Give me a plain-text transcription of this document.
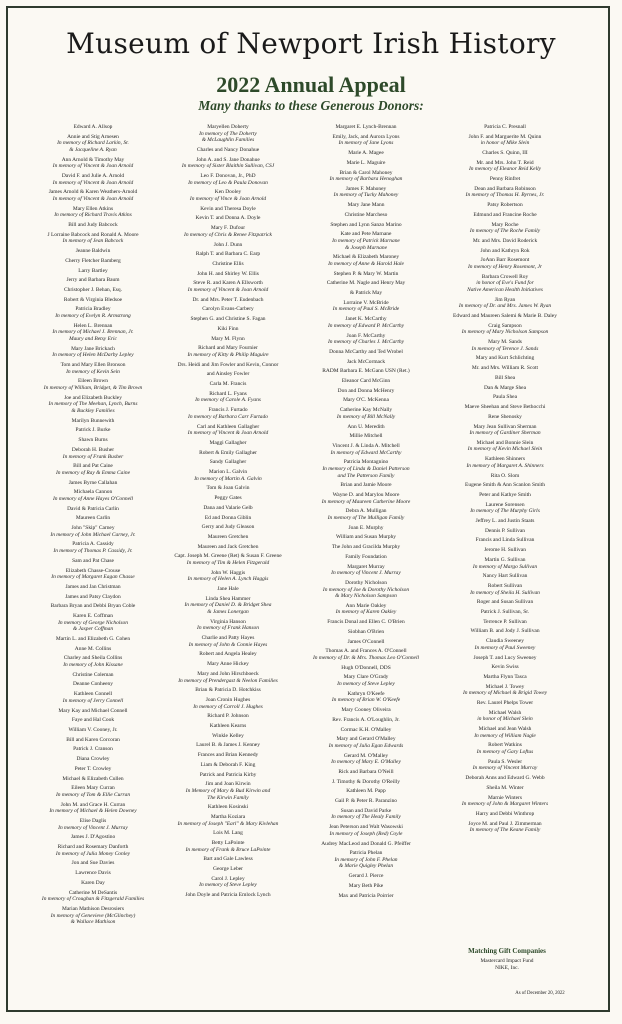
Museum of Newport Irish History
2022 Annual Appeal
Many thanks to these Generous Donors:
Edward A. Allsop
Annie and Stig Arnesen
In memory of Richard Larkin, Sr.
& Jacqueline A. Ryan
Ann Arnold & Timothy May
In memory of Vincent & Joan Arnold
David F. and Julie A. Arnold
In memory of Vincent & Joan Arnold
James Arnold & Karen Weathers-Arnold
In memory of Vincent & Joan Arnold
Mary Ellen Atkins
In memory of Richard Travis Atkins
Bill and Judy Babcock
J Lorraine Babcock and Ronald A. Moore
In memory of Jean Babcock
Jeanne Baldwin
Cherry Fletcher Bamberg
Larry Bartley
Jerry and Barbara Baum
Christopher J. Behan, Esq.
Robert & Virginia Bledsoe
Patricia Bradley
In memory of Evelyn R. Armstrong
Helen L. Brennan
In memory of Michael J. Brennan, Jr.
Maury and Betsy Eric
Mary Jane Brickach
In memory of Helen McDarby Lepley
Tom and Mary Ellen Bronson
In memory of Kevin Sein
Eileen Brown
In memory of William, Bridget, & Tim Brown
Joe and Elizabeth Buckley
In memory of The Meehan, Lynch, Burns
& Buckley Families
Marilyn Bunnewith
Patrick J. Burke
Shawn Burns
Deborah H. Busher
In memory of Frank Busher
Bill and Pat Caine
In memory of Ray & Emma Caine
James Byrne Callahan
Michaela Cannon
In memory of Anne Hayes O'Connell
David & Patricia Carlin
Maureen Carlin
John "Skip" Carney
In memory of John Michael Carney, Jr.
Patricia A. Cassidy
In memory of Thomas P. Cassidy, Jr.
Sam and Pat Chase
Elizabeth Chasse-Crouse
In memory of Margaret Eagan Chasse
James and Jan Christman
James and Patsy Claydon
Barbara Bryan and Debbi Bryan Coble
Karen E. Coffman
In memory of George Nicholson
& Jasper Coffman
Martin L. and Elizabeth G. Cohen
Anne M. Collins
Charley and Sheila Collins
In memory of John Kissane
Christine Coleman
Deanne Conheeny
Kathleen Connell
In memory of Jerry Connell
Mary Kay and Michael Connell
Faye and Hal Cook
William V. Cooney, Jr.
Bill and Karen Corcoran
Patrick J. Cranson
Diana Crowley
Peter T. Crowley
Michael & Elizabeth Cullen
Eileen Mary Curran
In memory of Tom & Ellie Curran
John M. and Grace H. Curran
In memory of Michael & Helen Downey
Elise Daglis
In memory of Vincent J. Murray
James J. D'Agostino
Richard and Rosemary Danforth
In memory of Julia Money Conley
Jon and Sue Davies
Lawrence Davis
Karen Day
Catherine M DeSantis
In memory of Croughan & Fitzgerald Families
Marian Mathison Desrosiers
In memory of Genevieve (McGlinchey)
& Wallace Mathison
Maryellen Doherty
In memory of The Doherty
& McLaughlin Families
Charles and Nancy Donahue
John A. and S. Jane Donahue
In memory of Sister Blaithin Sullivan, CSJ
Leo F. Donovan, Jr., PhD
In memory of Leo & Paula Donovan
Ken Dooley
In memory of Vince & Joan Arnold
Kevin and Theresa Doyle
Kevin T. and Donna A. Doyle
Mary F. Dufour
In memory of Chris & Renee Fitzpatrick
John J. Dunn
Ralph T. and Barbara C. Earp
Christine Ellis
John H. and Shirley W. Ellis
Steve R. and Karen A Ellsworth
In memory of Vincent & Joan Arnold
Dr. and Mrs. Peter T. Eudenbach
Carolyn Evans-Carbery
Stephen G. and Christine S. Fagan
Kiki Finn
Mary M. Flynn
Richard and Mary Fournier
In memory of Kitty & Philip Maguire
Drs. Heidi and Jim Fowler and Kevin, Connor
and Ainsley Fowler
Carla M. Francis
Richard L. Fyans
In memory of Carole A. Fyans
Francis J. Furtado
In memory of Barbara Carr Furtado
Carl and Kathleen Gallagher
In memory of Vincent & Joan Arnold
Maggi Gallagher
Robert & Emily Gallagher
Sandy Gallagher
Marion L. Galvin
In memory of Martin A. Galvin
Tom & Joan Galvin
Peggy Gates
Dana and Valarie Gelb
Ed and Donna Giblin
Gerry and Judy Gleason
Maureen Gretchen
Maureen and Jack Gretchen
Capt. Joseph M. Greene (Ret) & Susan F. Greene
In memory of Tim & Helen Fitzgerald
John W. Haggis
In memory of Helen A. Lynch Haggis
Jane Hale
Linda Shea Hammer
In memory of Daniel D. & Bridget Shea
& James Lonergan
Virginia Hanson
In memory of Frank Hanson
Charlie and Patty Hayes
In memory of John & Connie Hayes
Robert and Angela Healey
Mary Anne Hickey
Mary and John Hirschboeck
In memory of Prendergast & Neelon Families
Brian & Patricia D. Hotchkiss
Joan Cronin Hughes
In memory of Carroll J. Hughes
Richard P. Johnson
Kathleen Kearns
Winkle Kelley
Laurel B. & James J. Kenney
Frances and Brian Kennedy
Liam & Deborah F. King
Patrick and Patricia Kirby
Jim and Joan Kirwin
In Memory of Mary & Bud Kirwin and
The Kirwin Family
Kathleen Kosinski
Martha Koziara
In memory of Joseph "Earl" & Mary Kivlehan
Lois M. Lang
Betty LaPointe
In memory of Frank & Bruce LaPointe
Bart and Gale Lawless
George Leber
Carol J. Lepley
In memory of Steve Lepley
John Doyle and Patricia Emlock Lynch
Margaret E. Lynch-Brennan
Emily, Jack, and Aurora Lyons
In memory of Jane Lyons
Marie A. Magee
Marie L. Maguire
Brian & Carol Mahoney
In memory of Barbara Henoghan
James F. Mahoney
In memory of Tucky Mahoney
Mary Jane Mann
Christine Marcheso
Stephen and Lynn Sanzo Marino
Kate and Pete Marnane
In memory of Patrick Marnane
& Joseph Marnane
Michael & Elizabeth Maroney
In memory of Anne & Harold Hale
Stephen P. & Mary W. Martin
Catherine M. Nagle and Henry May
& Patrick May
Lorraine V. McBride
In memory of Paul S. McBride
Janet K. McCarthy
In memory of Edward P. McCarthy
Joan F. McCarthy
In memory of Charles J. McCarthy
Donna McCarthy and Ted Wrobel
Jack McCormack
RADM Barbara E. McGann USN (Ret.)
Eleanor Card McGinn
Don and Donna McHenry
Mary O'C. McKenna
Catherine Kay McNally
In memory of Bill McNally
Ann U. Meredith
Millie Mitchell
Vincent J. & Linda A. Mitchell
In memory of Edward McCarthy
Patricia Montagnino
In memory of Linda & Daniel Patterson
and The Patterson Family
Brian and Jamie Moore
Wayne D. and Marylou Moore
In memory of Maureen Catherine Moore
Debra A. Mulligan
In memory of The Mulligan Family
Joan E. Murphy
William and Susan Murphy
The John and Gracilda Murphy
Family Foundation
Margaret Murray
In memory of Vincent J. Murray
Dorothy Nicholson
In memory of Joe & Dorothy Nicholson
& Mary Nicholson Sampson
Ann Marie Oakley
In memory of Karen Oakley
Francis Donal and Ellen C. O'Brien
Siobhan O'Brien
James O'Connell
Thomas A. and Frances A. O'Connell
In memory of Dr. & Mrs. Thomas Leo O'Connell
Hugh O'Donnell, DDS
Mary Clare O'Grady
In memory of Steve Lepley
Kathryn O'Keefe
In memory of Brian W. O'Keefe
Mary Cooney Oliveira
Rev. Francis A. O'Loughlin, Jr.
Cormac K.H. O'Malley
Mary and Gerard O'Malley
In memory of Julia Egan Edwards
Gerard M. O'Malley
In memory of Mary E. O'Malley
Rick and Barbara O'Neill
J. Timothy & Dorothy O'Reilly
Kathleen M. Papp
Gail P. & Peter R. Paranzino
Susan and David Parke
In memory of The Healy Family
Jean Peterson and Walt Wasowski
In memory of Joseph (Red) Coyle
Audrey MacLeod and Donald G. Pfeiffer
Patricia Phelan
In memory of John F. Phelan
& Marie Quigley Phelan
Gerard J. Pierce
Mary Beth Pike
Max and Patricia Poirrier
Patricia C. Presnall
John F. and Marguerite M. Quinn
in honor of Mike Slein
Charles S. Quinn, III
Mr. and Mrs. John T. Reid
In memory of Eleanor Reid Kelly
Penny Rinfret
Dean and Barbara Robinson
In memory of Thomas H. Byrnes, Jr.
Patsy Robertson
Edmund and Francine Roche
Mary Roche
In memory of The Roche Family
Mr. and Mrs. David Roderick
John and Kathryn Rok
JoAnn Barr Rosemont
In memory of Henry Rosemont, Jr
Barbara Crowell Roy
in honor of Eve's Fund for
Native American Health Initiatives
Jim Ryan
In memory of Dr. and Mrs. James W. Ryan
Edward and Maureen Salemi & Marie B. Daley
Craig Sampson
In memory of Mary Nicholson Sampson
Mary M. Sands
In memory of Terence J. Sands
Mary and Kurt Schlichting
Mr. and Mrs. William R. Scott
Bill Shea
Dan & Marge Shea
Paula Shea
Maeve Sheehan and Steve Bethocchi
Rene Shenosky
Mary Jean Sullivan Sherman
In memory of Gardiner Sherman
Michael and Bonnie Slein
In memory of Kevin Michael Slein
Kathleen Shinners
In memory of Margaret A. Shinners
Rita O. Slom
Eugene Smith & Ann Scanlon Smith
Peter and Kathye Smith
Laurene Sorensen
In memory of The Murphy Girls
Jeffrey L. and Justin Staats
Dennis P. Sullivan
Francis and Linda Sullivan
Jerome H. Sullivan
Martin G. Sullivan
In memory of Margo Sullivan
Nancy Hart Sullivan
Robert Sullivan
In memory of Sheila H. Sullivan
Roger and Susan Sullivan
Patrick J. Sullivan, Sr.
Terrence P. Sullivan
William B. and Jody J. Sullivan
Claudia Sweeney
In memory of Paul Sweeney
Joseph T. and Lucy Sweeney
Kevin Swiss
Martha Flynn Tasca
Michael J. Towey
In memory of Michael & Brigid Towey
Rev. Laurel Phelps Tower
Michael Walsh
in honor of Michael Slein
Michael and Jean Walsh
In memory of William Nagle
Robert Watkins
In memory of Gary Loftus
Paula S. Wesler
In memory of Vincent Murray
Deborah Anns and Edward G. Webb
Sheila M. Winter
Marnie Winters
In memory of John & Margaret Winters
Harry and Debbi Winthrop
Joyce M. and Paul J. Zimmerman
In memory of The Keane Family
Matching Gift Companies
Mastercard Impact Fund
NIKE, Inc.
As of December 20, 2022
